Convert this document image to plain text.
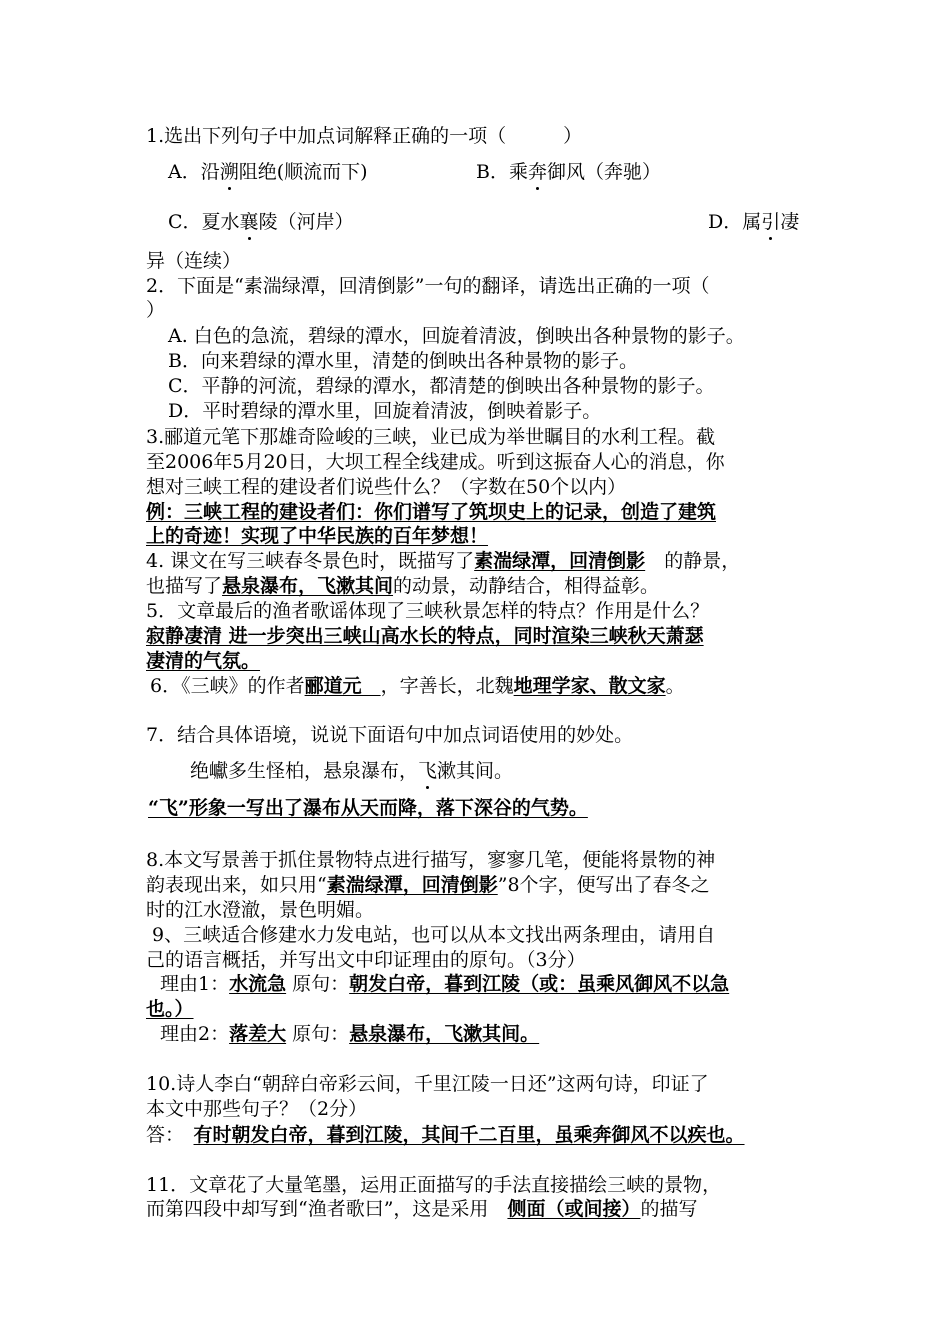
1.选出下列句子中加点词解释正确的一项（　　　）
A．沿溯阻绝(顺流而下)	B．乘奔御风（奔驰）
C．夏水襄陵（河岸）	D．属引凄
异（连续）
2．下面是“素湍绿潭，回清倒影”一句的翻译，请选出正确的一项（
）
A. 白色的急流，碧绿的潭水，回旋着清波，倒映出各种景物的影子。
B．向来碧绿的潭水里，清楚的倒映出各种景物的影子。
C．平静的河流，碧绿的潭水，都清楚的倒映出各种景物的影子。
D．平时碧绿的潭水里，回旋着清波，倒映着影子。
3.郦道元笔下那雄奇险峻的三峡，业已成为举世瞩目的水利工程。截
至2006年5月20日，大坝工程全线建成。听到这振奋人心的消息，你
想对三峡工程的建设者们说些什么？（字数在50个以内）
例：三峡工程的建设者们：你们谱写了筑坝史上的记录，创造了建筑
上的奇迹！实现了中华民族的百年梦想！
4. 课文在写三峡春冬景色时，既描写了素湍绿潭，回清倒影　的静景，
也描写了悬泉瀑布，飞漱其间的动景，动静结合，相得益彰。
5．文章最后的渔者歌谣体现了三峡秋景怎样的特点？作用是什么？
寂静凄清 进一步突出三峡山高水长的特点，同时渲染三峡秋天萧瑟
凄清的气氛。
6．《三峡》的作者郦道元　，字善长，北魏地理学家、散文家。
7．结合具体语境，说说下面语句中加点词语使用的妙处。
绝巘多生怪柏，悬泉瀑布，飞漱其间。
“飞”形象一写出了瀑布从天而降，落下深谷的气势。
8.本文写景善于抓住景物特点进行描写，寥寥几笔，便能将景物的神
韵表现出来，如只用“素湍绿潭，回清倒影”8个字，便写出了春冬之
时的江水澄澈，景色明媚。
9、三峡适合修建水力发电站，也可以从本文找出两条理由，请用自
己的语言概括，并写出文中印证理由的原句。（3分）
理由1：水流急 原句：朝发白帝，暮到江陵（或：虽乘风御风不以急
也。）
理由2：落差大 原句：悬泉瀑布，飞漱其间。
10.诗人李白“朝辞白帝彩云间，千里江陵一日还”这两句诗，印证了
本文中那些句子？（2分）
答：　有时朝发白帝，暮到江陵，其间千二百里，虽乘奔御风不以疾也。
11．文章花了大量笔墨，运用正面描写的手法直接描绘三峡的景物，
而第四段中却写到“渔者歌曰”，这是采用　侧面（或间接）的描写
